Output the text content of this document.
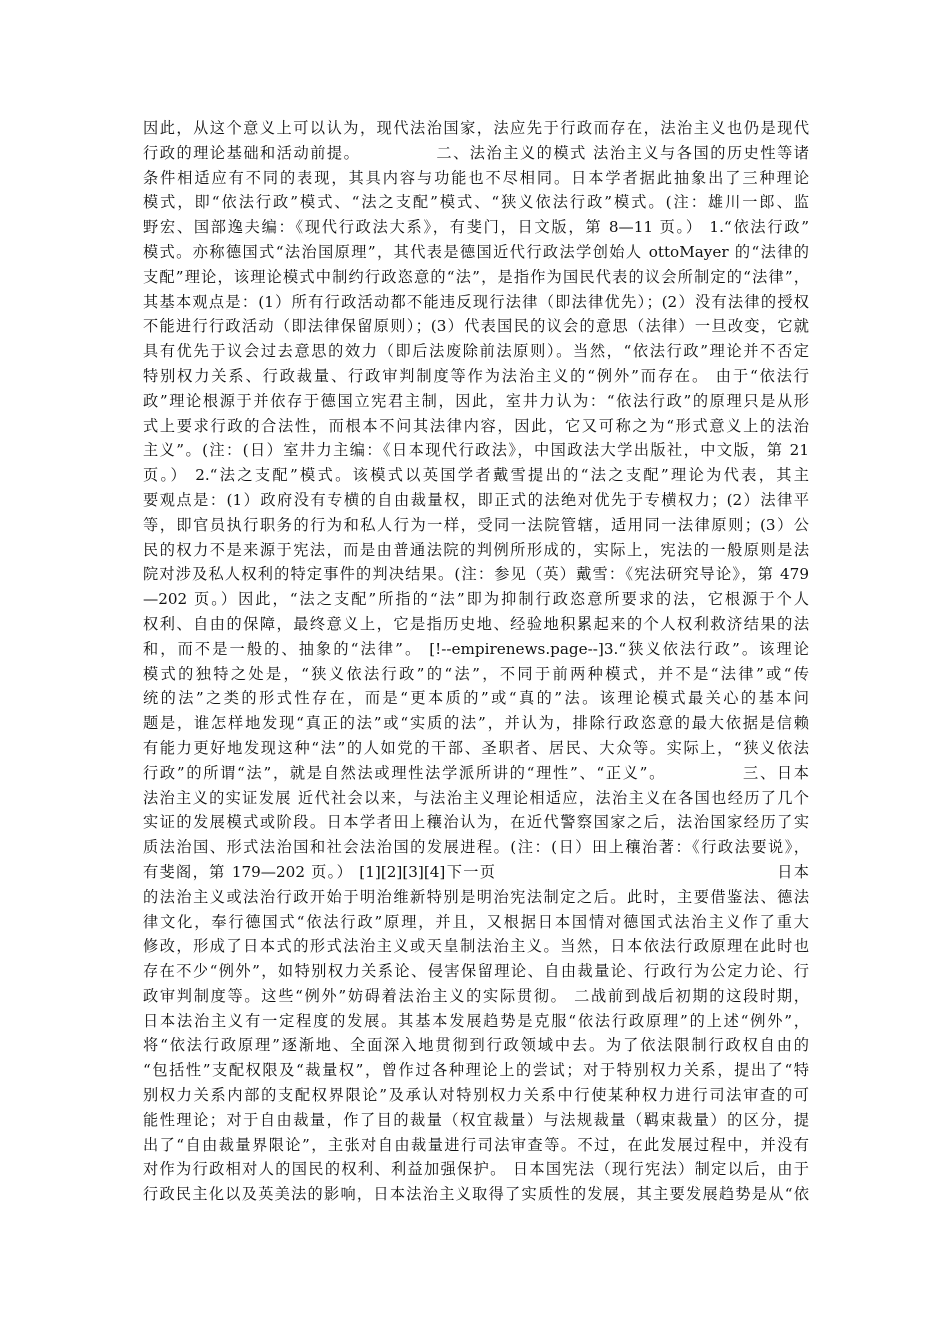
因此，从这个意义上可以认为，现代法治国家，法应先于行政而存在，法治主义也仍是现代
行政的理论基础和活动前提。　　　　　二、法治主义的模式 法治主义与各国的历史性等诸
条件相适应有不同的表现，其具内容与功能也不尽相同。日本学者据此抽象出了三种理论
模式，即“依法行政”模式、“法之支配”模式、“狭义依法行政”模式。(注：雄川一郎、监
野宏、国部逸夫编：《现代行政法大系》，有斐门，日文版，第 8—11 页。） 1.“依法行政”
模式。亦称德国式“法治国原理”，其代表是德国近代行政法学创始人 ottoMayer 的“法律的
支配”理论，该理论模式中制约行政恣意的“法”，是指作为国民代表的议会所制定的“法律”，
其基本观点是：(1）所有行政活动都不能违反现行法律（即法律优先）；(2）没有法律的授权
不能进行行政活动（即法律保留原则）；(3）代表国民的议会的意思（法律）一旦改变，它就
具有优先于议会过去意思的效力（即后法废除前法原则）。当然，“依法行政”理论并不否定
特别权力关系、行政裁量、行政审判制度等作为法治主义的“例外”而存在。 由于“依法行
政”理论根源于并依存于德国立宪君主制，因此，室井力认为：“依法行政”的原理只是从形
式上要求行政的合法性，而根本不问其法律内容，因此，它又可称之为“形式意义上的法治
主义”。(注：(日）室井力主编：《日本现代行政法》，中国政法大学出版社，中文版，第 21
页。） 2.“法之支配”模式。该模式以英国学者戴雪提出的“法之支配”理论为代表，其主
要观点是：(1）政府没有专横的自由裁量权，即正式的法绝对优先于专横权力；(2）法律平
等，即官员执行职务的行为和私人行为一样，受同一法院管辖，适用同一法律原则；(3）公
民的权力不是来源于宪法，而是由普通法院的判例所形成的，实际上，宪法的一般原则是法
院对涉及私人权利的特定事件的判决结果。(注：参见（英）戴雪：《宪法研究导论》，第 479
—202 页。）因此，“法之支配”所指的“法”即为抑制行政恣意所要求的法，它根源于个人
权利、自由的保障，最终意义上，它是指历史地、经验地积累起来的个人权利救济结果的法
和，而不是一般的、抽象的“法律”。 [!--empirenews.page--]3.“狭义依法行政”。该理论
模式的独特之处是，“狭义依法行政”的“法”，不同于前两种模式，并不是“法律”或“传
统的法”之类的形式性存在，而是“更本质的”或“真的”法。该理论模式最关心的基本问
题是，谁怎样地发现“真正的法”或“实质的法”，并认为，排除行政恣意的最大依据是信赖
有能力更好地发现这种“法”的人如党的干部、圣职者、居民、大众等。实际上，“狭义依法
行政”的所谓“法”，就是自然法或理性法学派所讲的“理性”、“正义”。　　　　　三、日本
法治主义的实证发展 近代社会以来，与法治主义理论相适应，法治主义在各国也经历了几个
实证的发展模式或阶段。日本学者田上穰治认为，在近代警察国家之后，法治国家经历了实
质法治国、形式法治国和社会法治国的发展进程。(注：(日）田上穰治著：《行政法要说》，
有斐阁，第 179—202 页。） [1][2][3][4]下一页　　　　　　　　　　　　　　　　　日本
的法治主义或法治行政开始于明治维新特别是明治宪法制定之后。此时，主要借鉴法、德法
律文化，奉行德国式“依法行政”原理，并且，又根据日本国情对德国式法治主义作了重大
修改，形成了日本式的形式法治主义或天皇制法治主义。当然，日本依法行政原理在此时也
存在不少“例外”，如特别权力关系论、侵害保留理论、自由裁量论、行政行为公定力论、行
政审判制度等。这些“例外”妨碍着法治主义的实际贯彻。 二战前到战后初期的这段时期，
日本法治主义有一定程度的发展。其基本发展趋势是克服“依法行政原理”的上述“例外”，
将“依法行政原理”逐渐地、全面深入地贯彻到行政领域中去。为了依法限制行政权自由的
“包括性”支配权限及“裁量权”，曾作过各种理论上的尝试；对于特别权力关系，提出了“特
别权力关系内部的支配权界限论”及承认对特别权力关系中行使某种权力进行司法审查的可
能性理论；对于自由裁量，作了目的裁量（权宜裁量）与法规裁量（羁束裁量）的区分，提
出了“自由裁量界限论”，主张对自由裁量进行司法审查等。不过，在此发展过程中，并没有
对作为行政相对人的国民的权利、利益加强保护。 日本国宪法（现行宪法）制定以后，由于
行政民主化以及英美法的影响，日本法治主义取得了实质性的发展，其主要发展趋势是从“依
